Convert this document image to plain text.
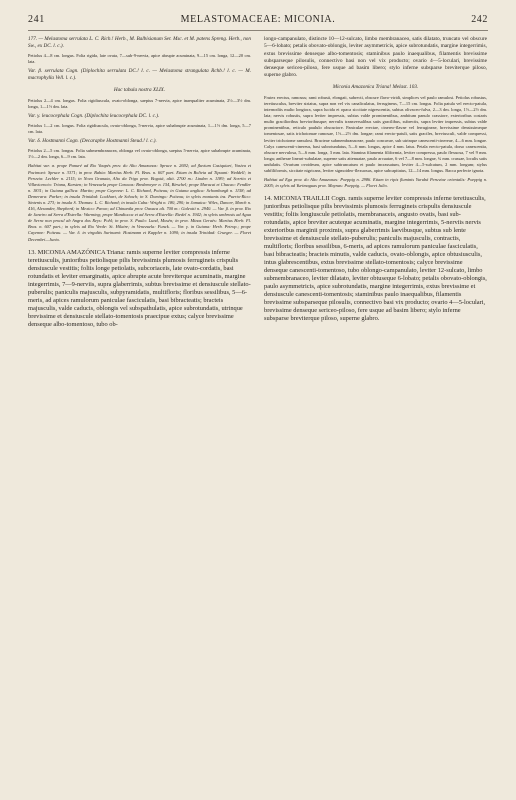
241	MELASTOMACEAE: MICONIA.	242

177. — Melastoma serrulata L. C. Rich.! Herb., M. Balbisianum Ser. Msc. et M. patens Spreng. Herb., non Sw., ex DC. l. c.).

Petiolus 4—8 cm. longus. Folia rigida, late ovata, 7—sub-9-nervia, apice abrupte acuminata, 9—15 cm. longa, 12—20 cm. lata.

Var. β. serrulata Cogn. (Diplochita serrulata DC.! l. c. — Melastoma strangulata Rchb.! l. c. — M. macrophylla Vell. l. c.).

Hac tabula nostra XLIX.

Petiolus 2—4 cm. longus. Folia rigidiuscula, ovato-oblonga, saepius 7-nervia, apice inaequaliter acuminata, 2½—3½ dm. longa, 1—1½ dm. lata.

Var. γ. leucocephala Cogn. (Diplochita leucocephala DC. l. c.).

Petiolus 1—2 cm. longus. Folia rigidiuscula, ovato-oblonga, 5-nervia, apice subabrupte acuminata, 1—1½ dm. longa, 5—7 cm. lata.

Var. δ. Hostmanni Cogn. (Decaraphe Hostmanni Steud.! l. c.).

Petiolus 2—5 cm. longus. Folia submembranacea, oblonga vel ovato-oblonga, saepius 5-nervia, apice subabrupte acuminata, 1½—2 dm. longa, 6—9 cm. lata.

Habitat var. α. prope Panuré ad Rio Vaupés prov. do Alto Amazonas: Spruce n. 2692; ad fluvium Casiquiari, Vasiva et Pacimoni: Spruce n. 3371; in prov. Bahia: Martius Herb. Fl. Bras. n. 607 part. Etiam in Bolivia ad Tipuani: Weddell; in Peruvia: Lechler n. 2115; in Nova Granata, Alto da Trigo prov. Bogotá, altit. 2700 m.: Linden n. 1189; ad Sorrito et Villavicencio: Triana, Karsten; in Venezuela prope Caracas: Bredemeyer n. 154, Birschel; prope Maracai et Chacao: Fendler n. 1831; in Guiana gallica: Martin; prope Cayenne: L. C. Richard, Poiteau; in Guiana anglica: Schomburgk n. 1158; ad Demerara: Parker; in insula Trinidad: Lockhart, de Schach; in S. Domingo: Poiteau; in sylvis montanis ins. Puerto-Rico: Sintenis n. 273; in insula S. Thomas: L. C. Richard; in insula Cuba: Wright n. 180, 290; in Jamaica: Wiles, Dancer, March n. 416, Alexander, Shepherd; in Mexico: Pavon; ad Chinantla prov. Oaxaca alt. 700 m.: Galeotti n. 2940. — Var. β. in prov. Rio de Janeiro ad Serra d'Estrella: Warming; prope Mandiocca et ad Serra d'Estrella: Riedel n. 1942; in sylvis umbrosis ad Agua de Serra non procul ab Angra dos Reys: Pohl; in prov. S. Paulo: Lund, Mosén; in prov. Minas Geraës: Martius Herb. Fl. Bras. n. 607 part.; in sylvis ad Rio Verde: St. Hilaire; in Venezuela: Funck. — Var. γ. in Guiana: Herb. Petrop.; prope Cayenne: Poiteau. — Var. δ. in virgultis Surinami: Hostmann et Kappler n. 1090; in insula Trinidad: Crueger. — Floret Decembri—Junio.

13. MICONIA AMAZÓNICA Triana: ramis superne leviter compressis inferne teretiusculis, junioribus petiolisque pilis brevissimis plumosis ferrugineis crispulis densiuscule vestitis; foliis longe petiolatis, subcoriaceis, late ovato-cordatis, basi rotundatis et leviter emarginatis, apice abrupte acute breviterque acuminatis, margine integerrimis, 7—9-nerviis, supra glaberrimis, subtus brevissime et densiuscule stellato-puberulis; paniculis majusculis, subpyramidatis, multifloris; floribus sessilibus, 5—6-meris, ad apices ramulorum paniculae fasciculatis, basi bibracteatis; bracteis majusculis, valde caducis, oblongis vel subspathulatis, apice subrotundatis, utrinque brevissime et densiuscule stellato-tomentosis praecipue extus; calyce brevissime denseque albo-tomentoso, tubo ob-

longo-campanulato, distincte 10—12-sulcato, limbo membranaceo, satis dilatato, truncato vel obscure 5—6-lobato; petalis obovato-oblongis, leviter asymmetricis, apice subrotundatis, margine integerrimis, extus brevissime denseque albo-tomentosis; staminibus paulo inaequalibus, filamentis brevissime subsparseque pilosulis, connectivo basi non vel vix producto; ovario 4—5-loculari, brevissime denseque sericeo-piloso, fere usque ad basim libero; stylo inferne subsparse breviterque piloso, superne glabro.

Miconia Amazonica Triana! Melast. 103.

Frutex erectus, ramosus; rami robusti, elongati, subrecti, obscure flavo-viridi, simplices vel paulo ramulosi. Petiolus robustus, teretiusculus, breviter striatus, supra non vel vix canaliculatus, ferrugineus, 7—15 cm. longus. Folia patula vel erecto-patula, internodiis multo longiora, supra lucida et opaca siccitate nigrescentia, subtus olivaceo-fulva, 2—3 dm. longa, 1½—2½ dm. lata; nervis robustis, supra leviter impressis, subtus valde prominentibus, ambitum panulo crassiore, exterioribus costaris multo gracilioribus brevioribusque; nervulis transversalibus satis gracilibus, subrectis, supra leviter impressis, subtus valde prominentibus, reticulo paululo obscuriore. Paniculae erectae, cinereo-flavae vel ferrugineae, brevissime densissimeque tomentosae, satis trichotomae ramosae, 1½—2½ dm. longae; rami erecto-patuli, satis graciles, breviusculi, valde compressi, leviter trichotome ramulosi. Bracteae submembranaceae, paulo concavae, sub utrinque canescenti-cinereae, 4—6 mm. longae. Calyx canescenti-cinereus, basi subrotundatus, 5—6 mm. longus, apice 4 mm. latus. Petala erecto-patula, dorso canescentia, obscure nervulosa, 5—6 mm. longa, 3 mm. lata. Stamina filamenta filiformia, leviter compressa, paulo flexuosa, 7 vel 9 mm. longa; antherae lineari-subulatae, superne satis attenuatae, paulo arcuatae, 6 vel 7—8 mm. longae, ¾ mm. crassae, loculis satis undulatis. Ovarium ovoideum, apice subtruncatum et paulo incrassatum, leviter 4—5-sulcatum, 2 mm. longum; stylus subfiliformis, siccitate nigricans, leviter sigmoideo-flexuosus, apice subcapitatus, 12—14 mm. longus. Bacca perfecte ignota.

Habitat ad Ega prov. do Alto Amazonas: Poeppig n. 2986. Etiam in ripis fluminis Yurubá Peruviae orientalis: Poeppig n. 2005; in sylvis ad Yurimaguas prov. Maynas: Poeppig. — Floret Julio.

14. MICONIA TRAILLII Cogn. ramis superne leviter compressis inferne teretiusculis, junioribus petiolisque pilis brevissimis plumosis ferrugineis crispulis densiuscule vestitis; foliis longiuscule petiolatis, membranaceis, angusto ovatis, basi sub-rotundatis, apice breviter acuteque acuminatis, margine integerrimis, 5-nerviis nervis exterioribus marginii proximis, supra glaberrimis laevibusque, subtus sub lente brevissime et densiuscule stellato-puberulis; paniculis majusculis, contractis, multifloris; floribus sessilibus, 6-meris, ad apices ramulorum paniculae fasciculatis, basi bibracteatis; bracteis minutis, valde caducis, ovato-oblongis, apice obtusiusculis, intus glabrescentibus, extus brevissime stellato-tomentosis; calyce brevissime denseque canescenti-tomentoso, tubo oblongo-campanulato, leviter 12-sulcato, limbo submembranaceo, leviter dilatato, leviter obtuseque 6-lobato; petalis obovato-oblongis, paulo asymmetricis, apice subrotundatis, margine integerrimis, extus brevissime et densiuscule canescenti-tomentosis; staminibus paulo inaequalibus, filamentis brevissime subsparseque pilosulis, connectivo basi vix producto; ovario 4—5-loculari, brevissime denseque sericeo-piloso, fere usque ad basim libero; stylo inferne subsparse breviterque piloso, superne glabro.
